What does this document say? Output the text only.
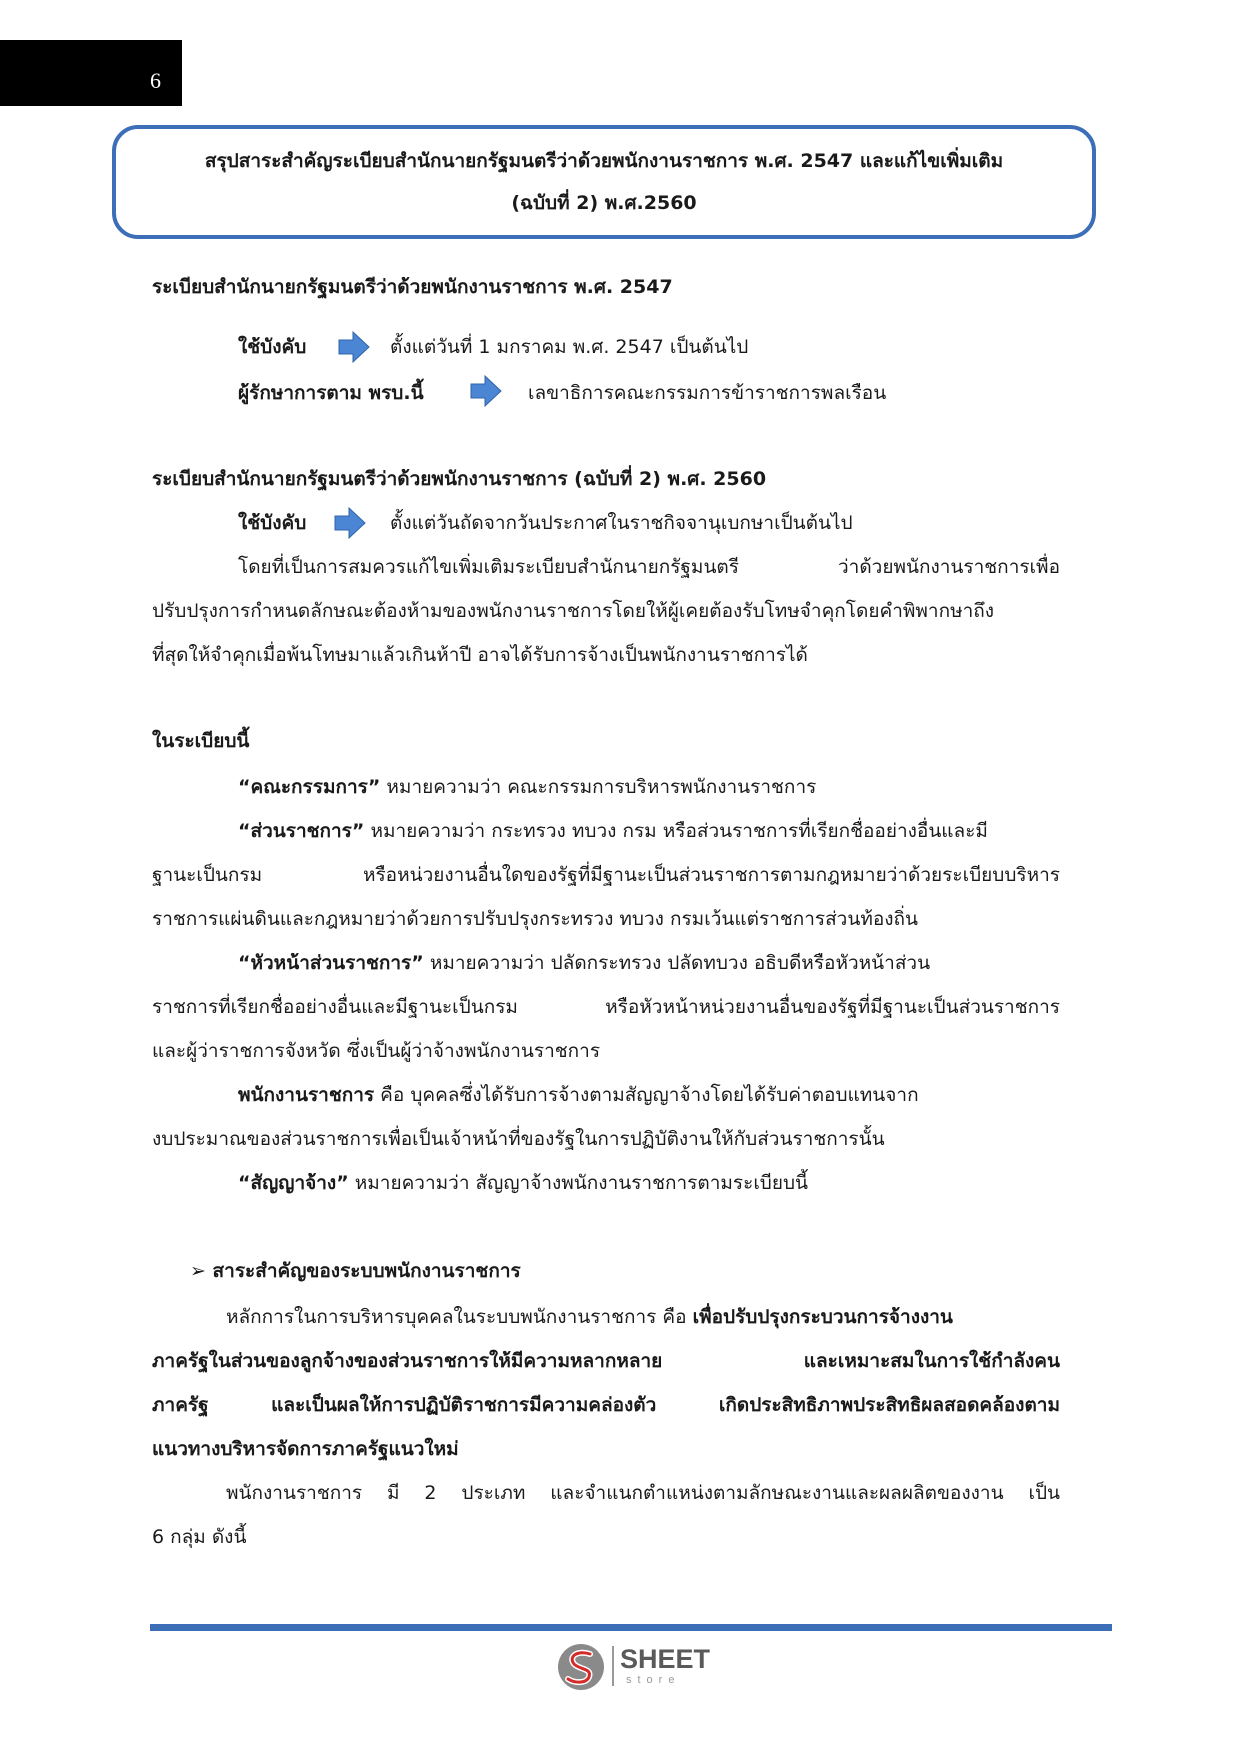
6
สรุปสาระสำคัญระเบียบสำนักนายกรัฐมนตรีว่าด้วยพนักงานราชการ พ.ศ. 2547 และแก้ไขเพิ่มเติม
(ฉบับที่ 2) พ.ศ.2560
ระเบียบสำนักนายกรัฐมนตรีว่าด้วยพนักงานราชการ พ.ศ. 2547
ใช้บังคับ	ตั้งแต่วันที่ 1 มกราคม พ.ศ. 2547 เป็นต้นไป
ผู้รักษาการตาม พรบ.นี้	เลขาธิการคณะกรรมการข้าราชการพลเรือน
ระเบียบสำนักนายกรัฐมนตรีว่าด้วยพนักงานราชการ (ฉบับที่ 2) พ.ศ. 2560
ใช้บังคับ	ตั้งแต่วันถัดจากวันประกาศในราชกิจจานุเบกษาเป็นต้นไป
โดยที่เป็นการสมควรแก้ไขเพิ่มเติมระเบียบสำนักนายกรัฐมนตรี ว่าด้วยพนักงานราชการเพื่อ
ปรับปรุงการกำหนดลักษณะต้องห้ามของพนักงานราชการโดยให้ผู้เคยต้องรับโทษจำคุกโดยคำพิพากษาถึง
ที่สุดให้จำคุกเมื่อพ้นโทษมาแล้วเกินห้าปี อาจได้รับการจ้างเป็นพนักงานราชการได้
ในระเบียบนี้
“คณะกรรมการ” หมายความว่า คณะกรรมการบริหารพนักงานราชการ
“ส่วนราชการ” หมายความว่า กระทรวง ทบวง กรม หรือส่วนราชการที่เรียกชื่ออย่างอื่นและมี
ฐานะเป็นกรม หรือหน่วยงานอื่นใดของรัฐที่มีฐานะเป็นส่วนราชการตามกฎหมายว่าด้วยระเบียบบริหาร
ราชการแผ่นดินและกฎหมายว่าด้วยการปรับปรุงกระทรวง ทบวง กรมเว้นแต่ราชการส่วนท้องถิ่น
“หัวหน้าส่วนราชการ” หมายความว่า ปลัดกระทรวง ปลัดทบวง อธิบดีหรือหัวหน้าส่วน
ราชการที่เรียกชื่ออย่างอื่นและมีฐานะเป็นกรม หรือหัวหน้าหน่วยงานอื่นของรัฐที่มีฐานะเป็นส่วนราชการ
และผู้ว่าราชการจังหวัด ซึ่งเป็นผู้ว่าจ้างพนักงานราชการ
พนักงานราชการ คือ บุคคลซึ่งได้รับการจ้างตามสัญญาจ้างโดยได้รับค่าตอบแทนจาก
งบประมาณของส่วนราชการเพื่อเป็นเจ้าหน้าที่ของรัฐในการปฏิบัติงานให้กับส่วนราชการนั้น
“สัญญาจ้าง” หมายความว่า สัญญาจ้างพนักงานราชการตามระเบียบนี้
➢ สาระสำคัญของระบบพนักงานราชการ
หลักการในการบริหารบุคคลในระบบพนักงานราชการ คือ เพื่อปรับปรุงกระบวนการจ้างงาน
ภาครัฐในส่วนของลูกจ้างของส่วนราชการให้มีความหลากหลาย และเหมาะสมในการใช้กำลังคน
ภาครัฐ และเป็นผลให้การปฏิบัติราชการมีความคล่องตัว เกิดประสิทธิภาพประสิทธิผลสอดคล้องตาม
แนวทางบริหารจัดการภาครัฐแนวใหม่
พนักงานราชการ มี 2 ประเภท และจำแนกตำแหน่งตามลักษณะงานและผลผลิตของงาน เป็น
6 กลุ่ม ดังนี้
SHEET
store
